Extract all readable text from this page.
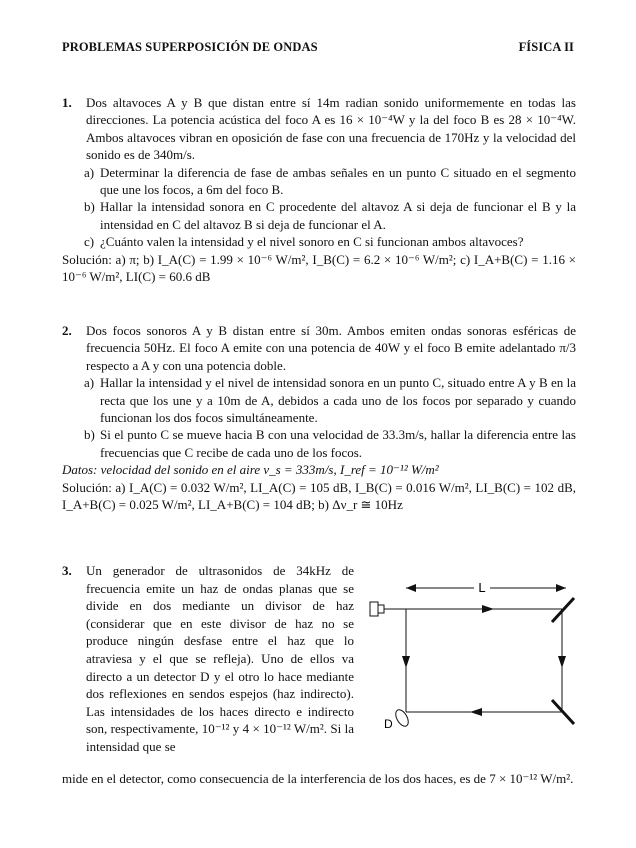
PROBLEMAS SUPERPOSICIÓN DE ONDAS	FÍSICA II
1. Dos altavoces A y B que distan entre sí 14m radian sonido uniformemente en todas las direcciones. La potencia acústica del foco A es 16 × 10⁻⁴W y la del foco B es 28 × 10⁻⁴W. Ambos altavoces vibran en oposición de fase con una frecuencia de 170Hz y la velocidad del sonido es de 340m/s.
a) Determinar la diferencia de fase de ambas señales en un punto C situado en el segmento que une los focos, a 6m del foco B.
b) Hallar la intensidad sonora en C procedente del altavoz A si deja de funcionar el B y la intensidad en C del altavoz B si deja de funcionar el A.
c) ¿Cuánto valen la intensidad y el nivel sonoro en C si funcionan ambos altavoces?

Solución: a) π; b) I_A(C) = 1.99 × 10⁻⁶ W/m², I_B(C) = 6.2 × 10⁻⁶ W/m²; c) I_A+B(C) = 1.16 × 10⁻⁶ W/m², LI(C) = 60.6 dB

2. Dos focos sonoros A y B distan entre sí 30m. Ambos emiten ondas sonoras esféricas de frecuencia 50Hz. El foco A emite con una potencia de 40W y el foco B emite adelantado π/3 respecto a A y con una potencia doble.
a) Hallar la intensidad y el nivel de intensidad sonora en un punto C, situado entre A y B en la recta que los une y a 10m de A, debidos a cada uno de los focos por separado y cuando funcionan los dos focos simultáneamente.
b) Si el punto C se mueve hacia B con una velocidad de 33.3m/s, hallar la diferencia entre las frecuencias que C recibe de cada uno de los focos.

Datos: velocidad del sonido en el aire v_s = 333m/s, I_ref = 10⁻¹² W/m²

Solución: a) I_A(C) = 0.032 W/m², LI_A(C) = 105 dB, I_B(C) = 0.016 W/m², LI_B(C) = 102 dB, I_A+B(C) = 0.025 W/m², LI_A+B(C) = 104 dB; b) Δν_r ≅ 10Hz

3. Un generador de ultrasonidos de 34kHz de frecuencia emite un haz de ondas planas que se divide en dos mediante un divisor de haz (considerar que en este divisor de haz no se produce ningún desfase entre el haz que lo atraviesa y el que se refleja). Uno de ellos va directo a un detector D y el otro lo hace mediante dos reflexiones en sendos espejos (haz indirecto). Las intensidades de los haces directo e indirecto son, respectivamente, 10⁻¹² y 4 × 10⁻¹² W/m². Si la intensidad que se

mide en el detector, como consecuencia de la interferencia de los dos haces, es de 7 × 10⁻¹² W/m².

L
D
